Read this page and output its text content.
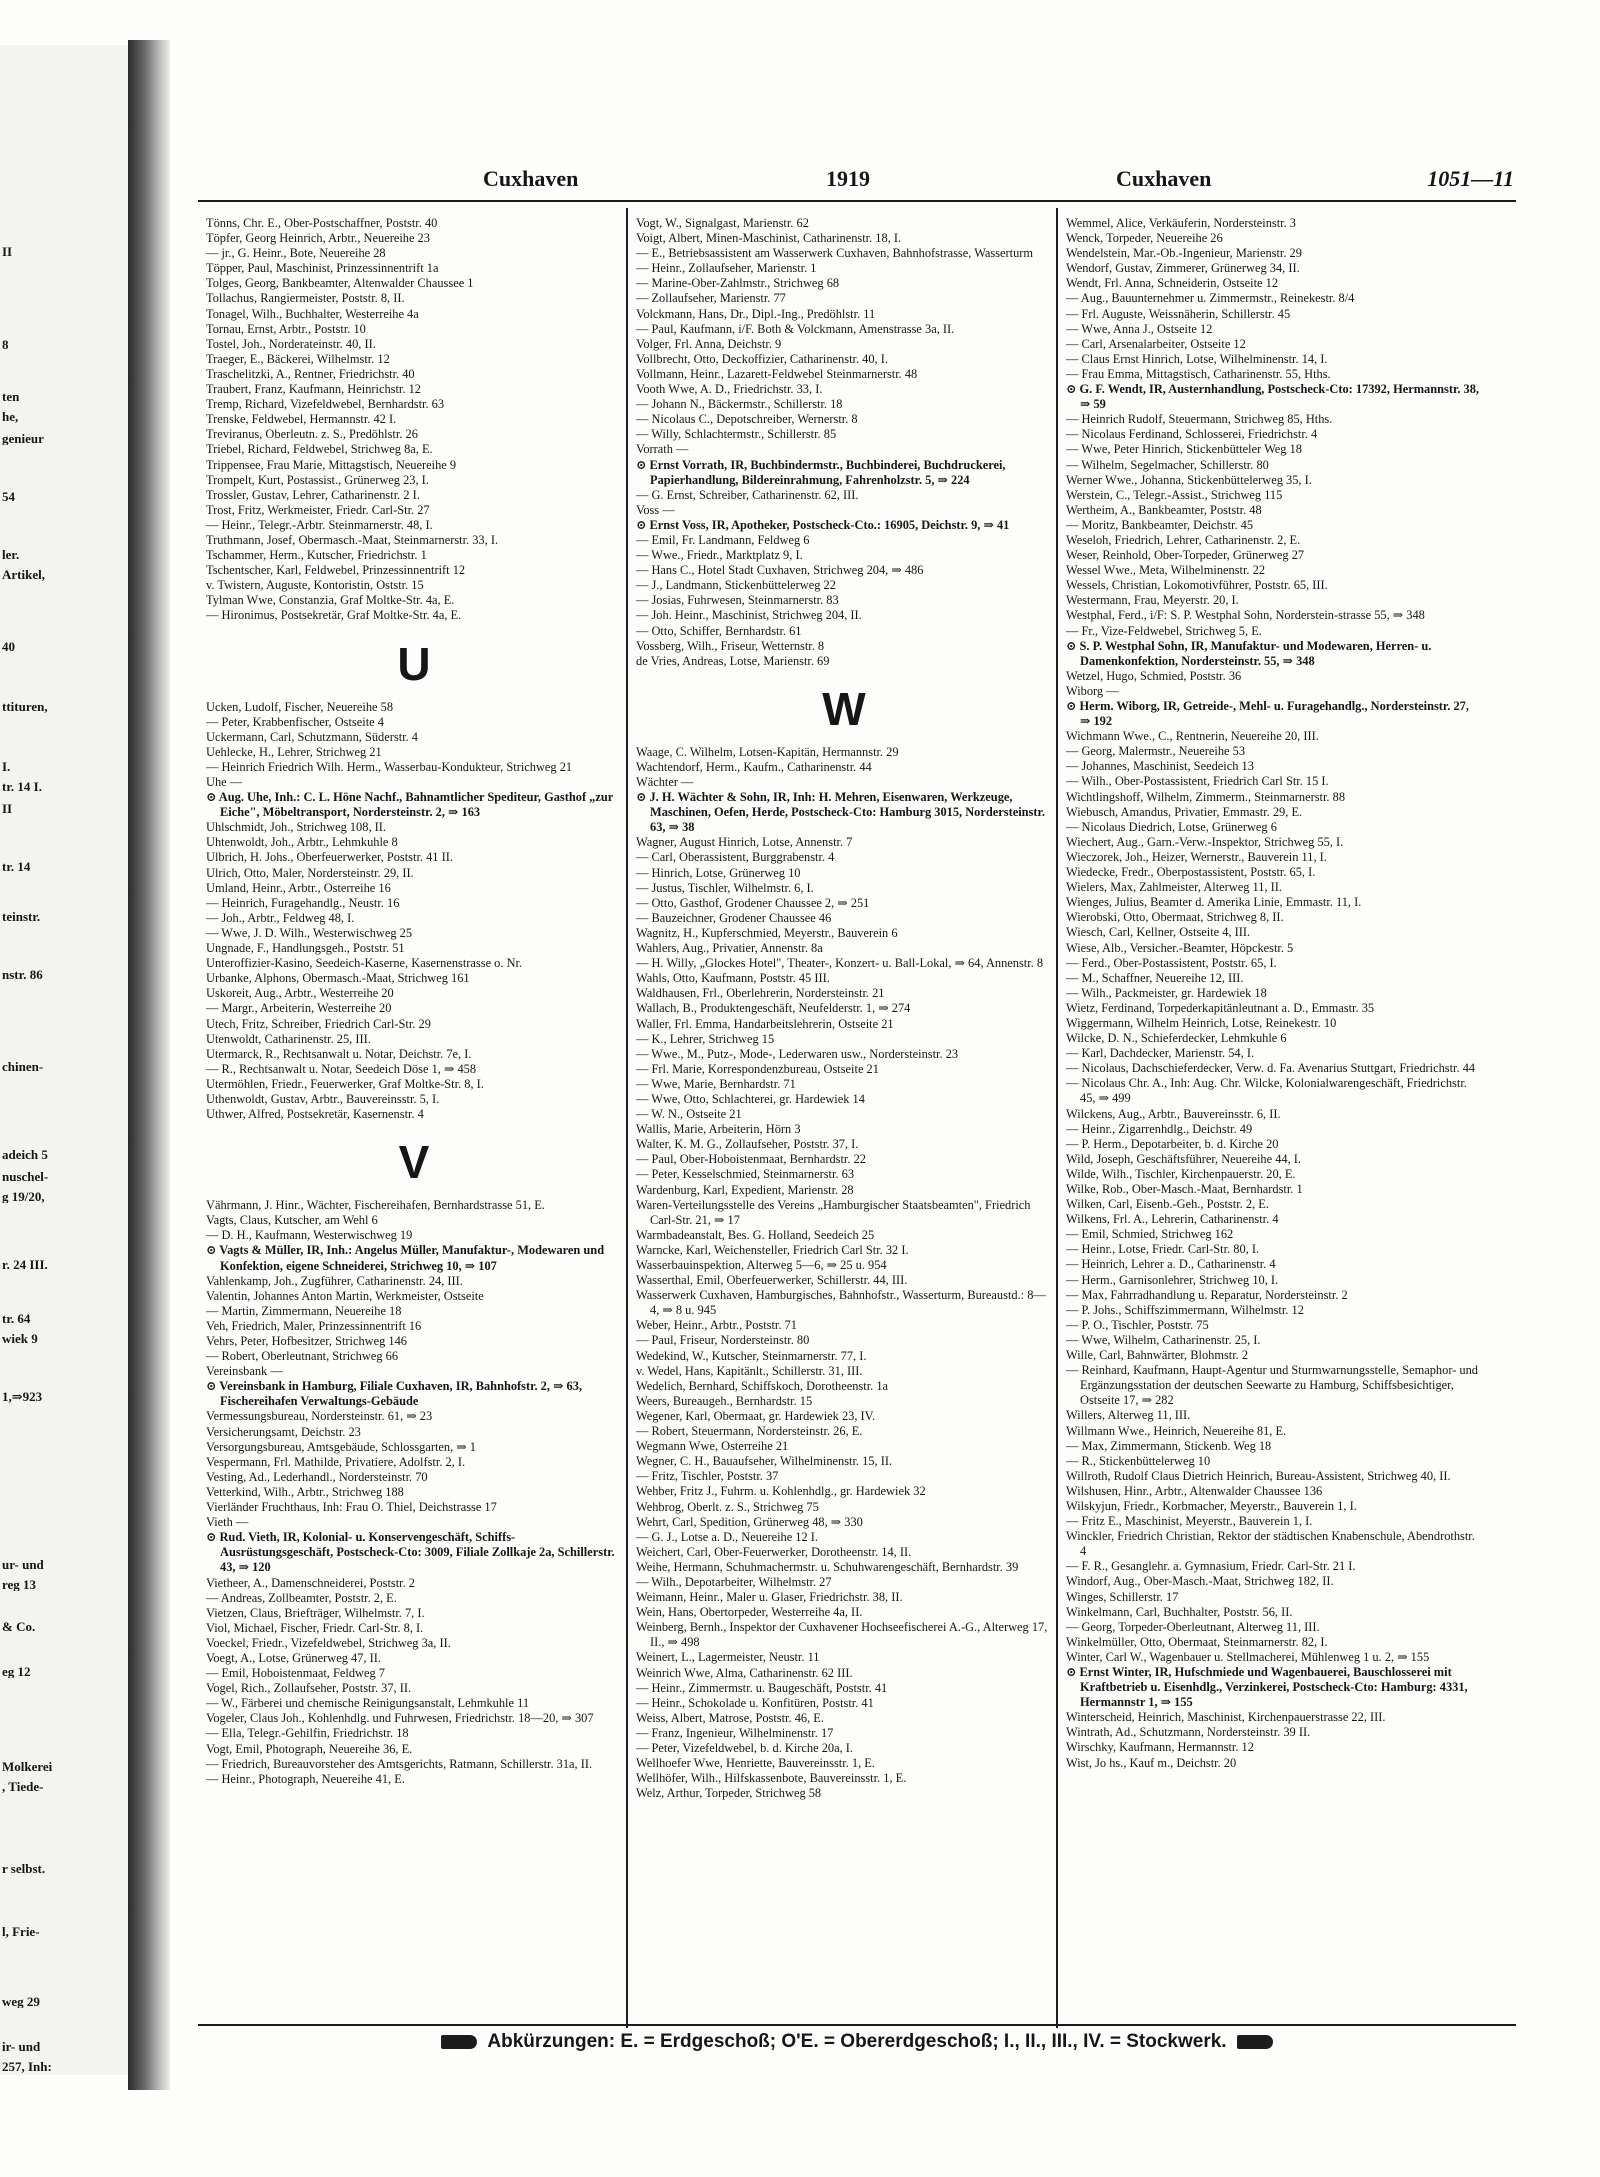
II
8
ten
he,
genieur
54
ler.
Artikel,
40
ttituren,
I.
tr. 14 I.
II
tr. 14
teinstr.
nstr. 86
chinen-
adeich 5
nuschel-
g 19/20,
r. 24 III.
tr. 64
wiek 9
1,⇒923
ur- und
reg 13
& Co.
eg 12
Molkerei
, Tiede-
r selbst.
l, Frie-
weg 29
ir- und
257, Inh:
Cuxhaven	1919	Cuxhaven	1051—11

Tönns, Chr. E., Ober-Postschaffner, Poststr. 40

Töpfer, Georg Heinrich, Arbtr., Neuereihe 23

— jr., G. Heinr., Bote, Neuereihe 28

Töpper, Paul, Maschinist, Prinzessinnentrift 1a

Tolges, Georg, Bankbeamter, Altenwalder Chaussee 1

Tollachus, Rangiermeister, Poststr. 8, II.

Tonagel, Wilh., Buchhalter, Westerreihe 4a

Tornau, Ernst, Arbtr., Poststr. 10

Tostel, Joh., Norderateinstr. 40, II.

Traeger, E., Bäckerei, Wilhelmstr. 12

Traschelitzki, A., Rentner, Friedrichstr. 40

Traubert, Franz, Kaufmann, Heinrichstr. 12

Tremp, Richard, Vizefeldwebel, Bernhardstr. 63

Trenske, Feldwebel, Hermannstr. 42 I.

Treviranus, Oberleutn. z. S., Predöhlstr. 26

Triebel, Richard, Feldwebel, Strichweg 8a, E.

Trippensee, Frau Marie, Mittagstisch, Neuereihe 9

Trompelt, Kurt, Postassist., Grünerweg 23, I.

Trossler, Gustav, Lehrer, Catharinenstr. 2 I.

Trost, Fritz, Werkmeister, Friedr. Carl-Str. 27

— Heinr., Telegr.-Arbtr. Steinmarnerstr. 48, I.

Truthmann, Josef, Obermasch.-Maat, Steinmarnerstr. 33, I.

Tschammer, Herm., Kutscher, Friedrichstr. 1

Tschentscher, Karl, Feldwebel, Prinzessinnentrift 12

v. Twistern, Auguste, Kontoristin, Oststr. 15

Tylman Wwe, Constanzia, Graf Moltke-Str. 4a, E.

— Hironimus, Postsekretär, Graf Moltke-Str. 4a, E.

U

Ucken, Ludolf, Fischer, Neuereihe 58

— Peter, Krabbenfischer, Ostseite 4

Uckermann, Carl, Schutzmann, Süderstr. 4

Uehlecke, H., Lehrer, Strichweg 21

— Heinrich Friedrich Wilh. Herm., Wasserbau-Kondukteur, Strichweg 21

Uhe —

⊙ Aug. Uhe, Inh.: C. L. Höne Nachf., Bahnamtlicher Spediteur, Gasthof „zur Eiche", Möbeltransport, Nordersteinstr. 2, ⇒ 163

Uhlschmidt, Joh., Strichweg 108, II.

Uhtenwoldt, Joh., Arbtr., Lehmkuhle 8

Ulbrich, H. Johs., Oberfeuerwerker, Poststr. 41 II.

Ulrich, Otto, Maler, Nordersteinstr. 29, II.

Umland, Heinr., Arbtr., Osterreihe 16

— Heinrich, Furagehandlg., Neustr. 16

— Joh., Arbtr., Feldweg 48, I.

— Wwe, J. D. Wilh., Westerwischweg 25

Ungnade, F., Handlungsgeh., Poststr. 51

Unteroffizier-Kasino, Seedeich-Kaserne, Kasernenstrasse o. Nr.

Urbanke, Alphons, Obermasch.-Maat, Strichweg 161

Uskoreit, Aug., Arbtr., Westerreihe 20

— Margr., Arbeiterin, Westerreihe 20

Utech, Fritz, Schreiber, Friedrich Carl-Str. 29

Utenwoldt, Catharinenstr. 25, III.

Utermarck, R., Rechtsanwalt u. Notar, Deichstr. 7e, I.

— R., Rechtsanwalt u. Notar, Seedeich Döse 1, ⇒ 458

Utermöhlen, Friedr., Feuerwerker, Graf Moltke-Str. 8, I.

Uthenwoldt, Gustav, Arbtr., Bauvereinsstr. 5, I.

Uthwer, Alfred, Postsekretär, Kasernenstr. 4

V

Vährmann, J. Hinr., Wächter, Fischereihafen, Bernhardstrasse 51, E.

Vagts, Claus, Kutscher, am Wehl 6

— D. H., Kaufmann, Westerwischweg 19

⊙ Vagts & Müller, IR, Inh.: Angelus Müller, Manufaktur-, Modewaren und Konfektion, eigene Schneiderei, Strichweg 10, ⇒ 107

Vahlenkamp, Joh., Zugführer, Catharinenstr. 24, III.

Valentin, Johannes Anton Martin, Werkmeister, Ostseite

— Martin, Zimmermann, Neuereihe 18

Veh, Friedrich, Maler, Prinzessinnentrift 16

Vehrs, Peter, Hofbesitzer, Strichweg 146

— Robert, Oberleutnant, Strichweg 66

Vereinsbank —

⊙ Vereinsbank in Hamburg, Filiale Cuxhaven, IR, Bahnhofstr. 2, ⇒ 63, Fischereihafen Verwaltungs-Gebäude

Vermessungsbureau, Nordersteinstr. 61, ⇒ 23

Versicherungsamt, Deichstr. 23

Versorgungsbureau, Amtsgebäude, Schlossgarten, ⇒ 1

Vespermann, Frl. Mathilde, Privatiere, Adolfstr. 2, I.

Vesting, Ad., Lederhandl., Nordersteinstr. 70

Vetterkind, Wilh., Arbtr., Strichweg 188

Vierländer Fruchthaus, Inh: Frau O. Thiel, Deichstrasse 17

Vieth —

⊙ Rud. Vieth, IR, Kolonial- u. Konservengeschäft, Schiffs-Ausrüstungsgeschäft, Postscheck-Cto: 3009, Filiale Zollkaje 2a, Schillerstr. 43, ⇒ 120

Vietheer, A., Damenschneiderei, Poststr. 2

— Andreas, Zollbeamter, Poststr. 2, E.

Vietzen, Claus, Briefträger, Wilhelmstr. 7, I.

Viol, Michael, Fischer, Friedr. Carl-Str. 8, I.

Voeckel, Friedr., Vizefeldwebel, Strichweg 3a, II.

Voegt, A., Lotse, Grünerweg 47, II.

— Emil, Hoboistenmaat, Feldweg 7

Vogel, Rich., Zollaufseher, Poststr. 37, II.

— W., Färberei und chemische Reinigungsanstalt, Lehmkuhle 11

Vogeler, Claus Joh., Kohlenhdlg. und Fuhrwesen, Friedrichstr. 18—20, ⇒ 307

— Ella, Telegr.-Gehilfin, Friedrichstr. 18

Vogt, Emil, Photograph, Neuereihe 36, E.

— Friedrich, Bureauvorsteher des Amtsgerichts, Ratmann, Schillerstr. 31a, II.

— Heinr., Photograph, Neuereihe 41, E.

Vogt, W., Signalgast, Marienstr. 62

Voigt, Albert, Minen-Maschinist, Catharinenstr. 18, I.

— E., Betriebsassistent am Wasserwerk Cuxhaven, Bahnhofstrasse, Wasserturm

— Heinr., Zollaufseher, Marienstr. 1

— Marine-Ober-Zahlmstr., Strichweg 68

— Zollaufseher, Marienstr. 77

Volckmann, Hans, Dr., Dipl.-Ing., Predöhlstr. 11

— Paul, Kaufmann, i/F. Both & Volckmann, Amenstrasse 3a, II.

Volger, Frl. Anna, Deichstr. 9

Vollbrecht, Otto, Deckoffizier, Catharinenstr. 40, I.

Vollmann, Heinr., Lazarett-Feldwebel Steinmarnerstr. 48

Vooth Wwe, A. D., Friedrichstr. 33, I.

— Johann N., Bäckermstr., Schillerstr. 18

— Nicolaus C., Depotschreiber, Wernerstr. 8

— Willy, Schlachtermstr., Schillerstr. 85

Vorrath —

⊙ Ernst Vorrath, IR, Buchbindermstr., Buchbinderei, Buchdruckerei, Papierhandlung, Bildereinrahmung, Fahrenholzstr. 5, ⇒ 224

— G. Ernst, Schreiber, Catharinenstr. 62, III.

Voss —

⊙ Ernst Voss, IR, Apotheker, Postscheck-Cto.: 16905, Deichstr. 9, ⇒ 41

— Emil, Fr. Landmann, Feldweg 6

— Wwe., Friedr., Marktplatz 9, I.

— Hans C., Hotel Stadt Cuxhaven, Strichweg 204, ⇒ 486

— J., Landmann, Stickenbüttelerweg 22

— Josias, Fuhrwesen, Steinmarnerstr. 83

— Joh. Heinr., Maschinist, Strichweg 204, II.

— Otto, Schiffer, Bernhardstr. 61

Vossberg, Wilh., Friseur, Wetternstr. 8

de Vries, Andreas, Lotse, Marienstr. 69

W

Waage, C. Wilhelm, Lotsen-Kapitän, Hermannstr. 29

Wachtendorf, Herm., Kaufm., Catharinenstr. 44

Wächter —

⊙ J. H. Wächter & Sohn, IR, Inh: H. Mehren, Eisenwaren, Werkzeuge, Maschinen, Oefen, Herde, Postscheck-Cto: Hamburg 3015, Nordersteinstr. 63, ⇒ 38

Wagner, August Hinrich, Lotse, Annenstr. 7

— Carl, Oberassistent, Burggrabenstr. 4

— Hinrich, Lotse, Grünerweg 10

— Justus, Tischler, Wilhelmstr. 6, I.

— Otto, Gasthof, Grodener Chaussee 2, ⇒ 251

— Bauzeichner, Grodener Chaussee 46

Wagnitz, H., Kupferschmied, Meyerstr., Bauverein 6

Wahlers, Aug., Privatier, Annenstr. 8a

— H. Willy, „Glockes Hotel", Theater-, Konzert- u. Ball-Lokal, ⇒ 64, Annenstr. 8

Wahls, Otto, Kaufmann, Poststr. 45 III.

Waldhausen, Frl., Oberlehrerin, Nordersteinstr. 21

Wallach, B., Produktengeschäft, Neufelderstr. 1, ⇒ 274

Waller, Frl. Emma, Handarbeitslehrerin, Ostseite 21

— K., Lehrer, Strichweg 15

— Wwe., M., Putz-, Mode-, Lederwaren usw., Nordersteinstr. 23

— Frl. Marie, Korrespondenzbureau, Ostseite 21

— Wwe, Marie, Bernhardstr. 71

— Wwe, Otto, Schlachterei, gr. Hardewiek 14

— W. N., Ostseite 21

Wallis, Marie, Arbeiterin, Hörn 3

Walter, K. M. G., Zollaufseher, Poststr. 37, I.

— Paul, Ober-Hoboistenmaat, Bernhardstr. 22

— Peter, Kesselschmied, Steinmarnerstr. 63

Wardenburg, Karl, Expedient, Marienstr. 28

Waren-Verteilungsstelle des Vereins „Hamburgischer Staatsbeamten", Friedrich Carl-Str. 21, ⇒ 17

Warmbadeanstalt, Bes. G. Holland, Seedeich 25

Warncke, Karl, Weichensteller, Friedrich Carl Str. 32 I.

Wasserbauinspektion, Alterweg 5—6, ⇒ 25 u. 954

Wasserthal, Emil, Oberfeuerwerker, Schillerstr. 44, III.

Wasserwerk Cuxhaven, Hamburgisches, Bahnhofstr., Wasserturm, Bureaustd.: 8—4, ⇒ 8 u. 945

Weber, Heinr., Arbtr., Poststr. 71

— Paul, Friseur, Nordersteinstr. 80

Wedekind, W., Kutscher, Steinmarnerstr. 77, I.

v. Wedel, Hans, Kapitänlt., Schillerstr. 31, III.

Wedelich, Bernhard, Schiffskoch, Dorotheenstr. 1a

Weers, Bureaugeh., Bernhardstr. 15

Wegener, Karl, Obermaat, gr. Hardewiek 23, IV.

— Robert, Steuermann, Nordersteinstr. 26, E.

Wegmann Wwe, Osterreihe 21

Wegner, C. H., Bauaufseher, Wilhelminenstr. 15, II.

— Fritz, Tischler, Poststr. 37

Wehber, Fritz J., Fuhrm. u. Kohlenhdlg., gr. Hardewiek 32

Wehbrog, Oberlt. z. S., Strichweg 75

Wehrt, Carl, Spedition, Grünerweg 48, ⇒ 330

— G. J., Lotse a. D., Neuereihe 12 I.

Weichert, Carl, Ober-Feuerwerker, Dorotheenstr. 14, II.

Weihe, Hermann, Schuhmachermstr. u. Schuhwarengeschäft, Bernhardstr. 39

— Wilh., Depotarbeiter, Wilhelmstr. 27

Weimann, Heinr., Maler u. Glaser, Friedrichstr. 38, II.

Wein, Hans, Obertorpeder, Westerreihe 4a, II.

Weinberg, Bernh., Inspektor der Cuxhavener Hochseefischerei A.-G., Alterweg 17, II., ⇒ 498

Weinert, L., Lagermeister, Neustr. 11

Weinrich Wwe, Alma, Catharinenstr. 62 III.

— Heinr., Zimmermstr. u. Baugeschäft, Poststr. 41

— Heinr., Schokolade u. Konfitüren, Poststr. 41

Weiss, Albert, Matrose, Poststr. 46, E.

— Franz, Ingenieur, Wilhelminenstr. 17

— Peter, Vizefeldwebel, b. d. Kirche 20a, I.

Wellhoefer Wwe, Henriette, Bauvereinsstr. 1, E.

Wellhöfer, Wilh., Hilfskassenbote, Bauvereinsstr. 1, E.

Welz, Arthur, Torpeder, Strichweg 58

Wemmel, Alice, Verkäuferin, Nordersteinstr. 3

Wenck, Torpeder, Neuereihe 26

Wendelstein, Mar.-Ob.-Ingenieur, Marienstr. 29

Wendorf, Gustav, Zimmerer, Grünerweg 34, II.

Wendt, Frl. Anna, Schneiderin, Ostseite 12

— Aug., Bauunternehmer u. Zimmermstr., Reinekestr. 8/4

— Frl. Auguste, Weissnäherin, Schillerstr. 45

— Wwe, Anna J., Ostseite 12

— Carl, Arsenalarbeiter, Ostseite 12

— Claus Ernst Hinrich, Lotse, Wilhelminenstr. 14, I.

— Frau Emma, Mittagstisch, Catharinenstr. 55, Hths.

⊙ G. F. Wendt, IR, Austernhandlung, Postscheck-Cto: 17392, Hermannstr. 38, ⇒ 59

— Heinrich Rudolf, Steuermann, Strichweg 85, Hths.

— Nicolaus Ferdinand, Schlosserei, Friedrichstr. 4

— Wwe, Peter Hinrich, Stickenbütteler Weg 18

— Wilhelm, Segelmacher, Schillerstr. 80

Werner Wwe., Johanna, Stickenbüttelerweg 35, I.

Werstein, C., Telegr.-Assist., Strichweg 115

Wertheim, A., Bankbeamter, Poststr. 48

— Moritz, Bankbeamter, Deichstr. 45

Weseloh, Friedrich, Lehrer, Catharinenstr. 2, E.

Weser, Reinhold, Ober-Torpeder, Grünerweg 27

Wessel Wwe., Meta, Wilhelminenstr. 22

Wessels, Christian, Lokomotivführer, Poststr. 65, III.

Westermann, Frau, Meyerstr. 20, I.

Westphal, Ferd., i/F: S. P. Westphal Sohn, Norderstein-strasse 55, ⇒ 348

— Fr., Vize-Feldwebel, Strichweg 5, E.

⊙ S. P. Westphal Sohn, IR, Manufaktur- und Modewaren, Herren- u. Damenkonfektion, Nordersteinstr. 55, ⇒ 348

Wetzel, Hugo, Schmied, Poststr. 36

Wiborg —

⊙ Herm. Wiborg, IR, Getreide-, Mehl- u. Furagehandlg., Nordersteinstr. 27, ⇒ 192

Wichmann Wwe., C., Rentnerin, Neuereihe 20, III.

— Georg, Malermstr., Neuereihe 53

— Johannes, Maschinist, Seedeich 13

— Wilh., Ober-Postassistent, Friedrich Carl Str. 15 I.

Wichtlingshoff, Wilhelm, Zimmerm., Steinmarnerstr. 88

Wiebusch, Amandus, Privatier, Emmastr. 29, E.

— Nicolaus Diedrich, Lotse, Grünerweg 6

Wiechert, Aug., Garn.-Verw.-Inspektor, Strichweg 55, I.

Wieczorek, Joh., Heizer, Wernerstr., Bauverein 11, I.

Wiedecke, Fredr., Oberpostassistent, Poststr. 65, I.

Wielers, Max, Zahlmeister, Alterweg 11, II.

Wienges, Julius, Beamter d. Amerika Linie, Emmastr. 11, I.

Wierobski, Otto, Obermaat, Strichweg 8, II.

Wiesch, Carl, Kellner, Ostseite 4, III.

Wiese, Alb., Versicher.-Beamter, Höpckestr. 5

— Ferd., Ober-Postassistent, Poststr. 65, I.

— M., Schaffner, Neuereihe 12, III.

— Wilh., Packmeister, gr. Hardewiek 18

Wietz, Ferdinand, Torpederkapitänleutnant a. D., Emmastr. 35

Wiggermann, Wilhelm Heinrich, Lotse, Reinekestr. 10

Wilcke, D. N., Schieferdecker, Lehmkuhle 6

— Karl, Dachdecker, Marienstr. 54, I.

— Nicolaus, Dachschieferdecker, Verw. d. Fa. Avenarius Stuttgart, Friedrichstr. 44

— Nicolaus Chr. A., Inh: Aug. Chr. Wilcke, Kolonialwarengeschäft, Friedrichstr. 45, ⇒ 499

Wilckens, Aug., Arbtr., Bauvereinsstr. 6, II.

— Heinr., Zigarrenhdlg., Deichstr. 49

— P. Herm., Depotarbeiter, b. d. Kirche 20

Wild, Joseph, Geschäftsführer, Neuereihe 44, I.

Wilde, Wilh., Tischler, Kirchenpauerstr. 20, E.

Wilke, Rob., Ober-Masch.-Maat, Bernhardstr. 1

Wilken, Carl, Eisenb.-Geh., Poststr. 2, E.

Wilkens, Frl. A., Lehrerin, Catharinenstr. 4

— Emil, Schmied, Strichweg 162

— Heinr., Lotse, Friedr. Carl-Str. 80, I.

— Heinrich, Lehrer a. D., Catharinenstr. 4

— Herm., Garnisonlehrer, Strichweg 10, I.

— Max, Fahrradhandlung u. Reparatur, Nordersteinstr. 2

— P. Johs., Schiffszimmermann, Wilhelmstr. 12

— P. O., Tischler, Poststr. 75

— Wwe, Wilhelm, Catharinenstr. 25, I.

Wille, Carl, Bahnwärter, Blohmstr. 2

— Reinhard, Kaufmann, Haupt-Agentur und Sturmwarnungsstelle, Semaphor- und Ergänzungsstation der deutschen Seewarte zu Hamburg, Schiffsbesichtiger, Ostseite 17, ⇒ 282

Willers, Alterweg 11, III.

Willmann Wwe., Heinrich, Neuereihe 81, E.

— Max, Zimmermann, Stickenb. Weg 18

— R., Stickenbüttelerweg 10

Willroth, Rudolf Claus Dietrich Heinrich, Bureau-Assistent, Strichweg 40, II.

Wilshusen, Hinr., Arbtr., Altenwalder Chaussee 136

Wilskyjun, Friedr., Korbmacher, Meyerstr., Bauverein 1, I.

— Fritz E., Maschinist, Meyerstr., Bauverein 1, I.

Winckler, Friedrich Christian, Rektor der städtischen Knabenschule, Abendrothstr. 4

— F. R., Gesanglehr. a. Gymnasium, Friedr. Carl-Str. 21 I.

Windorf, Aug., Ober-Masch.-Maat, Strichweg 182, II.

Winges, Schillerstr. 17

Winkelmann, Carl, Buchhalter, Poststr. 56, II.

— Georg, Torpeder-Oberleutnant, Alterweg 11, III.

Winkelmüller, Otto, Obermaat, Steinmarnerstr. 82, I.

Winter, Carl W., Wagenbauer u. Stellmacherei, Mühlenweg 1 u. 2, ⇒ 155

⊙ Ernst Winter, IR, Hufschmiede und Wagenbauerei, Bauschlosserei mit Kraftbetrieb u. Eisenhdlg., Verzinkerei, Postscheck-Cto: Hamburg: 4331, Hermannstr 1, ⇒ 155

Winterscheid, Heinrich, Maschinist, Kirchenpauerstrasse 22, III.

Wintrath, Ad., Schutzmann, Nordersteinstr. 39 II.

Wirschky, Kaufmann, Hermannstr. 12

Wist, Jo hs., Kauf m., Deichstr. 20

Abkürzungen: E. = Erdgeschoß; O'E. = Obererdgeschoß; I., II., III., IV. = Stockwerk.
